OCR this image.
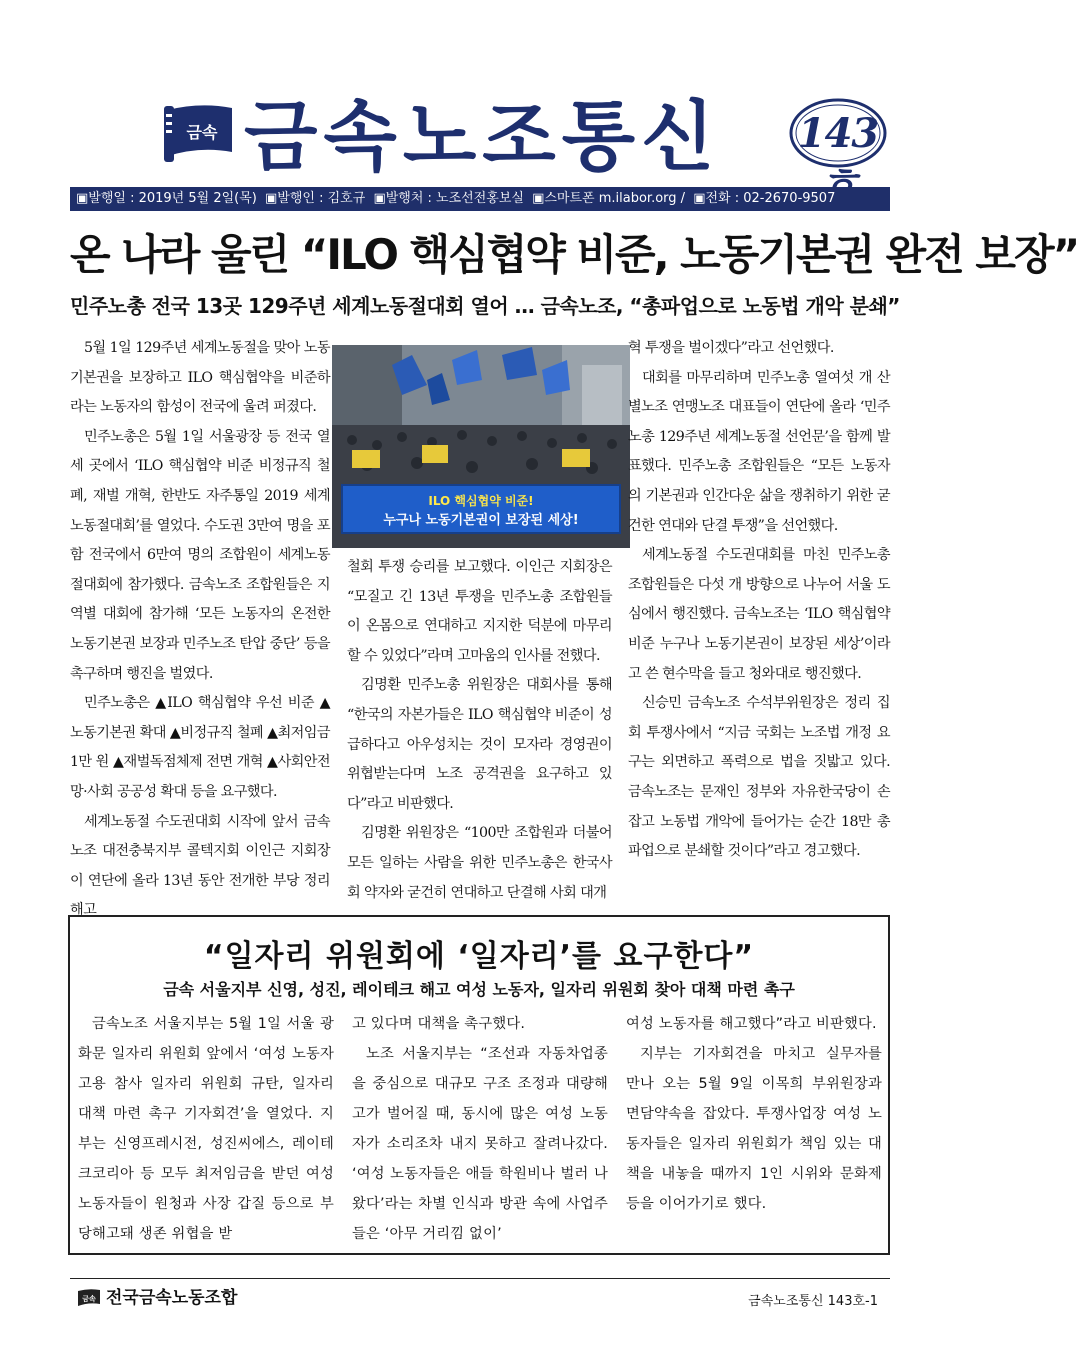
금속 금속노조통신 143
▣발행일 : 2019년 5월 2일(목) ▣발행인 : 김호규 ▣발행처 : 노조선전홍보실 ▣스마트폰 m.ilabor.org / ▣전화 : 02-2670-9507
온 나라 울린 “ILO 핵심협약 비준, 노동기본권 완전 보장”
민주노총 전국 13곳 129주년 세계노동절대회 열어 … 금속노조, “총파업으로 노동법 개악 분쇄”

5월 1일 129주년 세계노동절을 맞아 노동기본권을 보장하고 ILO 핵심협약을 비준하라는 노동자의 함성이 전국에 울려 퍼졌다.

민주노총은 5월 1일 서울광장 등 전국 열세 곳에서 ‘ILO 핵심협약 비준 비정규직 철폐, 재벌 개혁, 한반도 자주통일 2019 세계노동절대회’를 열었다. 수도권 3만여 명을 포함 전국에서 6만여 명의 조합원이 세계노동절대회에 참가했다. 금속노조 조합원들은 지역별 대회에 참가해 ‘모든 노동자의 온전한 노동기본권 보장과 민주노조 탄압 중단’ 등을 촉구하며 행진을 벌였다.

민주노총은 ▲ILO 핵심협약 우선 비준 ▲노동기본권 확대 ▲비정규직 철폐 ▲최저임금 1만 원 ▲재벌독점체제 전면 개혁 ▲사회안전망·사회 공공성 확대 등을 요구했다.

세계노동절 수도권대회 시작에 앞서 금속노조 대전충북지부 콜텍지회 이인근 지회장이 연단에 올라 13년 동안 전개한 부당 정리해고

ILO 핵심협약 비준!
누구나 노동기본권이 보장된 세상!

철회 투쟁 승리를 보고했다. 이인근 지회장은 “모질고 긴 13년 투쟁을 민주노총 조합원들이 온몸으로 연대하고 지지한 덕분에 마무리할 수 있었다”라며 고마움의 인사를 전했다.

김명환 민주노총 위원장은 대회사를 통해 “한국의 자본가들은 ILO 핵심협약 비준이 성급하다고 아우성치는 것이 모자라 경영권이 위협받는다며 노조 공격권을 요구하고 있다”라고 비판했다.

김명환 위원장은 “100만 조합원과 더불어 모든 일하는 사람을 위한 민주노총은 한국사회 약자와 굳건히 연대하고 단결해 사회 대개

혁 투쟁을 벌이겠다”라고 선언했다.

대회를 마무리하며 민주노총 열여섯 개 산별노조 연맹노조 대표들이 연단에 올라 ‘민주노총 129주년 세계노동절 선언문’을 함께 발표했다. 민주노총 조합원들은 “모든 노동자의 기본권과 인간다운 삶을 쟁취하기 위한 굳건한 연대와 단결 투쟁”을 선언했다.

세계노동절 수도권대회를 마친 민주노총 조합원들은 다섯 개 방향으로 나누어 서울 도심에서 행진했다. 금속노조는 ‘ILO 핵심협약 비준 누구나 노동기본권이 보장된 세상’이라고 쓴 현수막을 들고 청와대로 행진했다.

신승민 금속노조 수석부위원장은 정리 집회 투쟁사에서 “지금 국회는 노조법 개정 요구는 외면하고 폭력으로 법을 짓밟고 있다. 금속노조는 문재인 정부와 자유한국당이 손잡고 노동법 개악에 들어가는 순간 18만 총파업으로 분쇄할 것이다”라고 경고했다.

“일자리 위원회에 ‘일자리’를 요구한다”
금속 서울지부 신영, 성진, 레이테크 해고 여성 노동자, 일자리 위원회 찾아 대책 마련 촉구

금속노조 서울지부는 5월 1일 서울 광화문 일자리 위원회 앞에서 ‘여성 노동자 고용 참사 일자리 위원회 규탄, 일자리 대책 마련 촉구 기자회견’을 열었다. 지부는 신영프레시전, 성진씨에스, 레이테크코리아 등 모두 최저임금을 받던 여성 노동자들이 원청과 사장 갑질 등으로 부당해고돼 생존 위협을 받

고 있다며 대책을 촉구했다.

노조 서울지부는 “조선과 자동차업종을 중심으로 대규모 구조 조정과 대량해고가 벌어질 때, 동시에 많은 여성 노동자가 소리조차 내지 못하고 잘려나갔다. ‘여성 노동자들은 애들 학원비나 벌러 나왔다’라는 차별 인식과 방관 속에 사업주들은 ‘아무 거리낌 없이’

여성 노동자를 해고했다”라고 비판했다.

지부는 기자회견을 마치고 실무자를 만나 오는 5월 9일 이목희 부위원장과 면담약속을 잡았다. 투쟁사업장 여성 노동자들은 일자리 위원회가 책임 있는 대책을 내놓을 때까지 1인 시위와 문화제 등을 이어가기로 했다.

금속 전국금속노동조합	금속노조통신 143호-1
